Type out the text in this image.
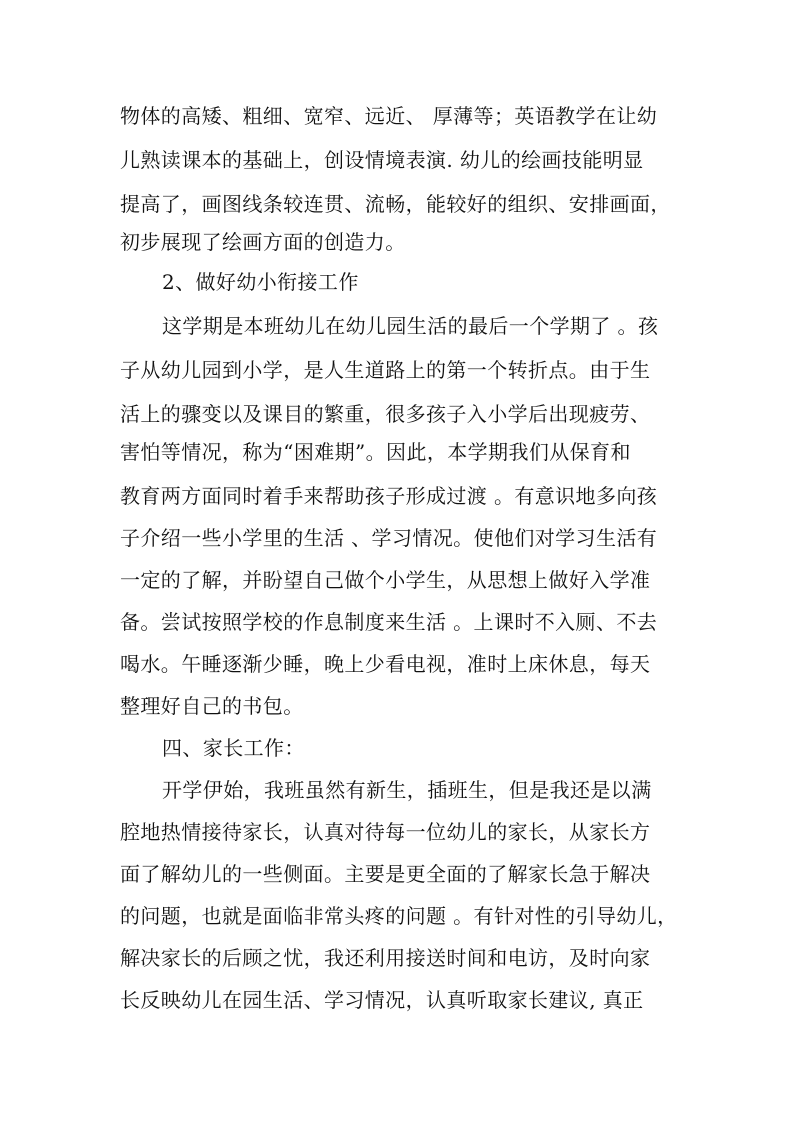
物体的高矮、粗细、宽窄、远近、 厚薄等；英语教学在让幼

儿熟读课本的基础上，创设情境表演. 幼儿的绘画技能明显

提高了，画图线条较连贯、流畅，能较好的组织、安排画面，

初步展现了绘画方面的创造力。

2、做好幼小衔接工作

这学期是本班幼儿在幼儿园生活的最后一个学期了 。孩

子从幼儿园到小学，是人生道路上的第一个转折点。由于生

活上的骤变以及课目的繁重，很多孩子入小学后出现疲劳、

害怕等情况，称为“困难期”。因此，本学期我们从保育和

教育两方面同时着手来帮助孩子形成过渡 。有意识地多向孩

子介绍一些小学里的生活 、学习情况。使他们对学习生活有

一定的了解，并盼望自己做个小学生，从思想上做好入学准

备。尝试按照学校的作息制度来生活 。上课时不入厕、不去

喝水。午睡逐渐少睡，晚上少看电视，准时上床休息，每天

整理好自己的书包。

四、家长工作：

开学伊始，我班虽然有新生，插班生，但是我还是以满

腔地热情接待家长，认真对待每一位幼儿的家长，从家长方

面了解幼儿的一些侧面。主要是更全面的了解家长急于解决

的问题，也就是面临非常头疼的问题 。有针对性的引导幼儿，

解决家长的后顾之忧，我还利用接送时间和电访，及时向家

长反映幼儿在园生活、学习情况，认真听取家长建议, 真正
